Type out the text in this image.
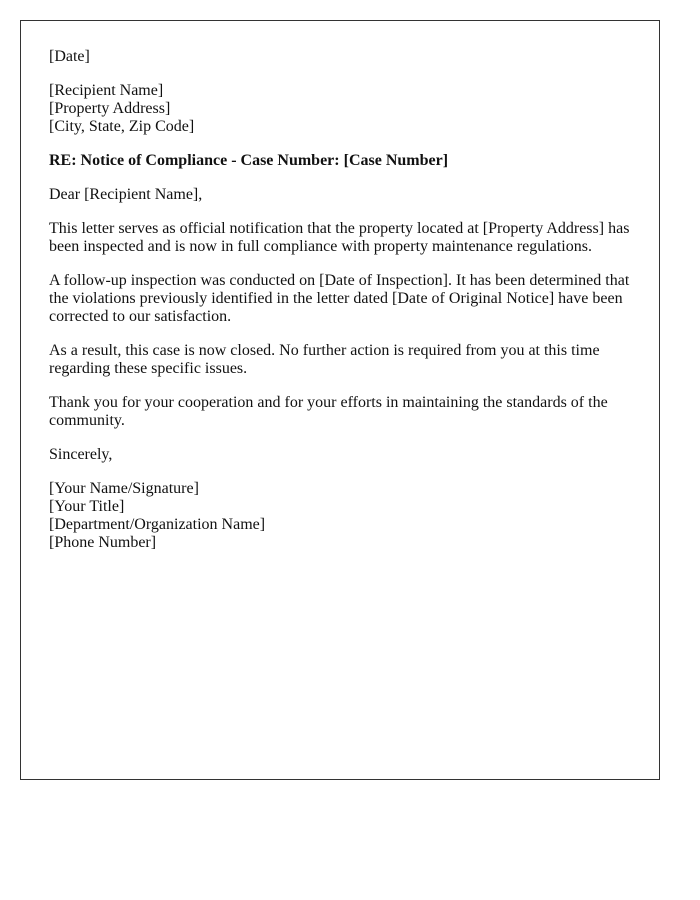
[Date]

[Recipient Name]
[Property Address]
[City, State, Zip Code]

RE: Notice of Compliance - Case Number: [Case Number]

Dear [Recipient Name],

This letter serves as official notification that the property located at [Property Address] has been inspected and is now in full compliance with property maintenance regulations.

A follow-up inspection was conducted on [Date of Inspection]. It has been determined that the violations previously identified in the letter dated [Date of Original Notice] have been corrected to our satisfaction.

As a result, this case is now closed. No further action is required from you at this time regarding these specific issues.

Thank you for your cooperation and for your efforts in maintaining the standards of the community.

Sincerely,

[Your Name/Signature]
[Your Title]
[Department/Organization Name]
[Phone Number]
